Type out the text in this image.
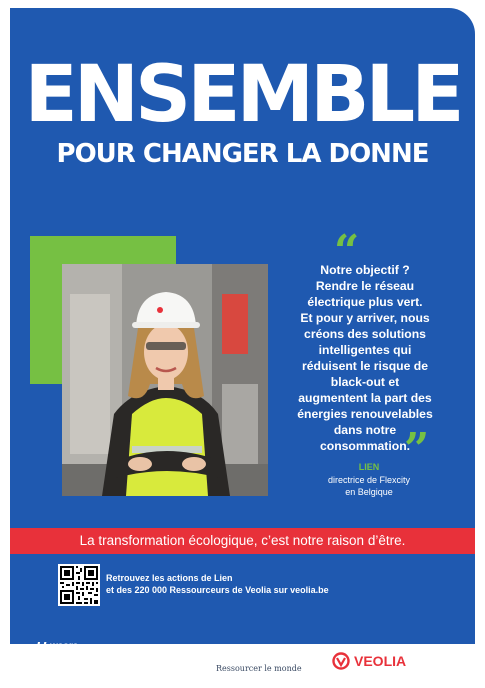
ENSEMBLE
POUR CHANGER LA DONNE
“
Notre objectif ?
Rendre le réseau
électrique plus vert.
Et pour y arriver, nous
créons des solutions
intelligentes qui
réduisent le risque de
black-out et
augmentent la part des
énergies renouvelables
dans notre
consommation.
”
LIEN
directrice de Flexcity
en Belgique
La transformation écologique, c’est notre raison d’être.
Retrouvez les actions de Lien
et des 220 000 Ressourceurs de Veolia sur veolia.be
# weare
RESOURCERS
Ressourcer le monde	VEOLIA
